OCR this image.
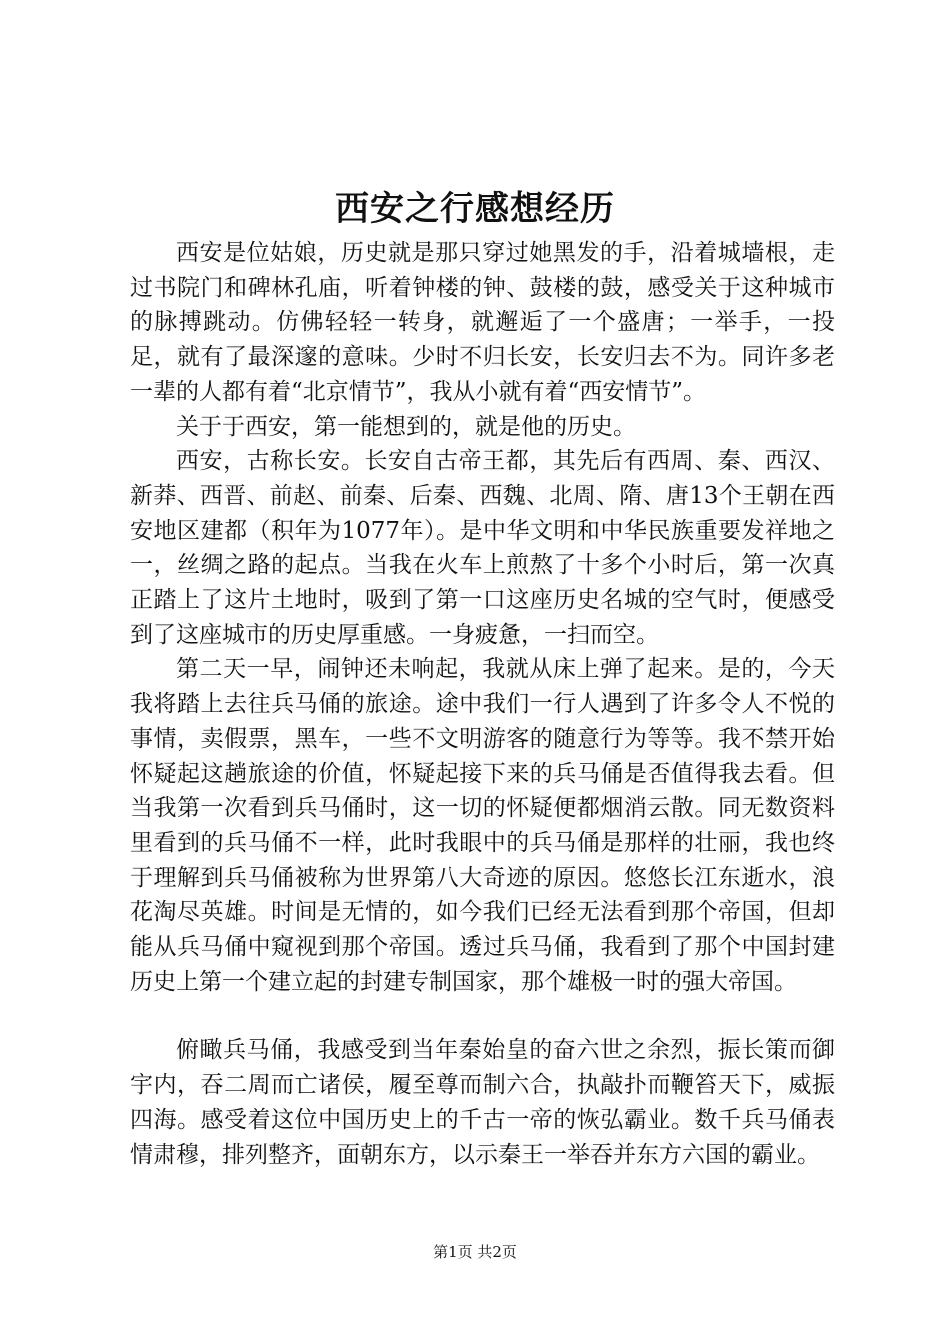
西安之行感想经历

西安是位姑娘，历史就是那只穿过她黑发的手，沿着城墙根，走过书院门和碑林孔庙，听着钟楼的钟、鼓楼的鼓，感受关于这种城市的脉搏跳动。仿佛轻轻一转身，就邂逅了一个盛唐；一举手，一投足，就有了最深邃的意味。少时不归长安，长安归去不为。同许多老一辈的人都有着“北京情节”，我从小就有着“西安情节”。

关于于西安，第一能想到的，就是他的历史。

西安，古称长安。长安自古帝王都，其先后有西周、秦、西汉、新莽、西晋、前赵、前秦、后秦、西魏、北周、隋、唐13个王朝在西安地区建都（积年为1077年）。是中华文明和中华民族重要发祥地之一，丝绸之路的起点。当我在火车上煎熬了十多个小时后，第一次真正踏上了这片土地时，吸到了第一口这座历史名城的空气时，便感受到了这座城市的历史厚重感。一身疲惫，一扫而空。

第二天一早，闹钟还未响起，我就从床上弹了起来。是的，今天我将踏上去往兵马俑的旅途。途中我们一行人遇到了许多令人不悦的事情，卖假票，黑车，一些不文明游客的随意行为等等。我不禁开始怀疑起这趟旅途的价值，怀疑起接下来的兵马俑是否值得我去看。但当我第一次看到兵马俑时，这一切的怀疑便都烟消云散。同无数资料里看到的兵马俑不一样，此时我眼中的兵马俑是那样的壮丽，我也终于理解到兵马俑被称为世界第八大奇迹的原因。悠悠长江东逝水，浪花淘尽英雄。时间是无情的，如今我们已经无法看到那个帝国，但却能从兵马俑中窥视到那个帝国。透过兵马俑，我看到了那个中国封建历史上第一个建立起的封建专制国家，那个雄极一时的强大帝国。

俯瞰兵马俑，我感受到当年秦始皇的奋六世之余烈，振长策而御宇内，吞二周而亡诸侯，履至尊而制六合，执敲扑而鞭笞天下，威振四海。感受着这位中国历史上的千古一帝的恢弘霸业。数千兵马俑表情肃穆，排列整齐，面朝东方，以示秦王一举吞并东方六国的霸业。

第1页 共2页
